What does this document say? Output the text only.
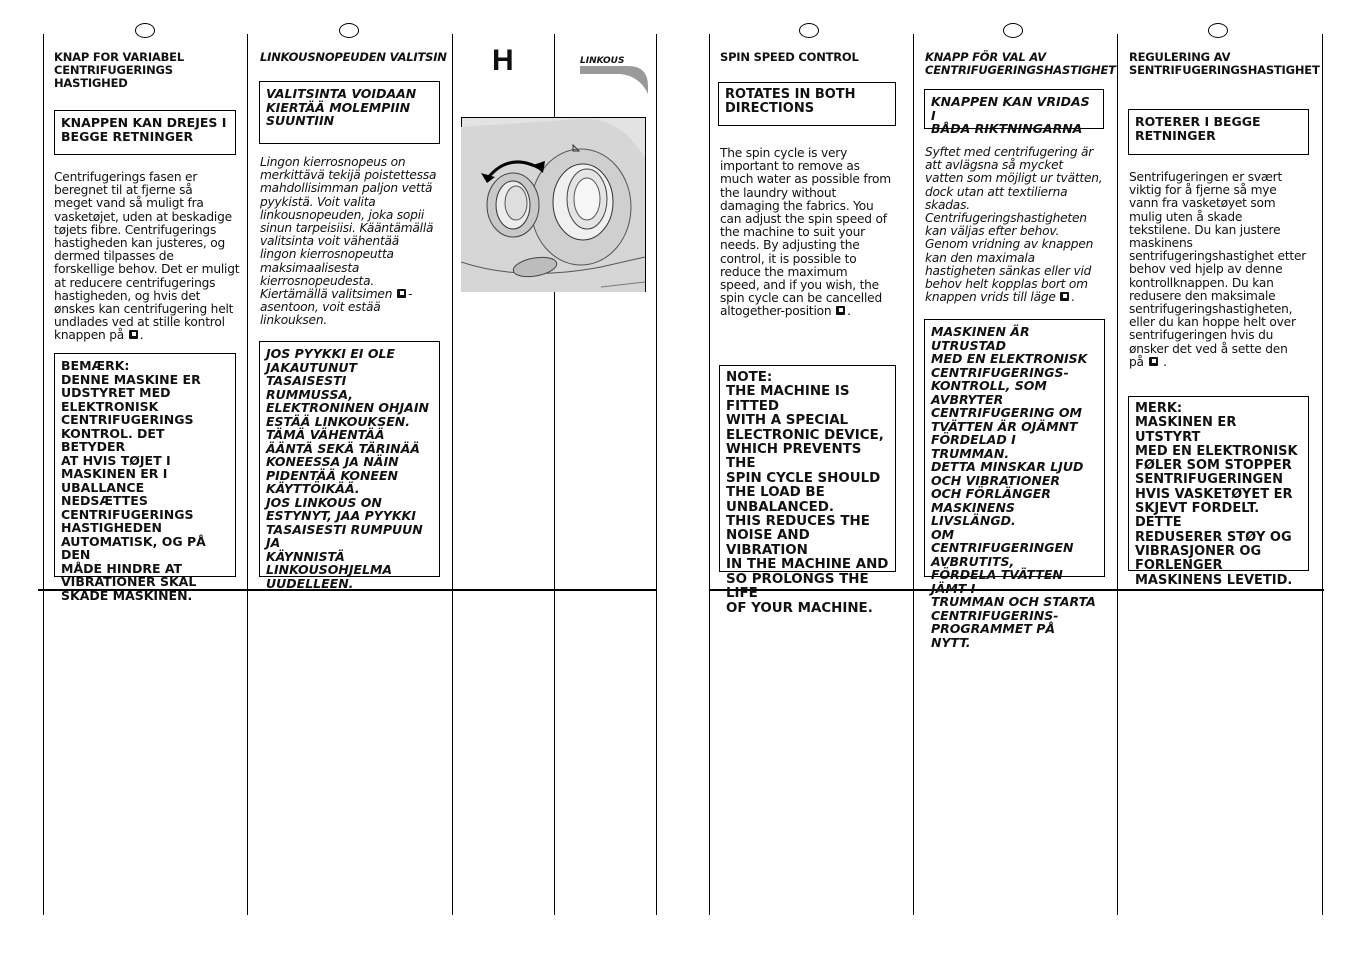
KNAP FOR VARIABEL
CENTRIFUGERINGS
HASTIGHED
KNAPPEN KAN DREJES I BEGGE RETNINGER
Centrifugerings fasen er
beregnet til at fjerne så
meget vand så muligt fra
vasketøjet, uden at beskadige
tøjets fibre. Centrifugerings
hastigheden kan justeres, og
dermed tilpasses de
forskellige behov. Det er muligt
at reducere centrifugerings
hastigheden, og hvis det
ønskes kan centrifugering helt
undlades ved at stille kontrol
knappen på .
BEMÆRK:
DENNE MASKINE ER
UDSTYRET MED
ELEKTRONISK
CENTRIFUGERINGS
KONTROL. DET BETYDER
AT HVIS TØJET I
MASKINEN ER I
UBALLANCE NEDSÆTTES
CENTRIFUGERINGS
HASTIGHEDEN
AUTOMATISK, OG PÅ DEN
MÅDE HINDRE AT
VIBRATIONER SKAL
SKADE MASKINEN.
LINKOUSNOPEUDEN VALITSIN
VALITSINTA VOIDAAN
KIERTÄÄ MOLEMPIIN
SUUNTIIN
Lingon kierrosnopeus on
merkittävä tekijä poistettessa
mahdollisimman paljon vettä
pyykistä. Voit valita
linkousnopeuden, joka sopii
sinun tarpeisiisi. Kääntämällä
valitsinta voit vähentää
lingon kierrosnopeutta
maksimaalisesta
kierrosnopeudesta.
Kiertämällä valitsimen -
asentoon, voit estää
linkouksen.
JOS PYYKKI EI OLE
JAKAUTUNUT TASAISESTI
RUMMUSSA,
ELEKTRONINEN OHJAIN
ESTÄÄ LINKOUKSEN.
TÄMÄ VÄHENTÄÄ
ÄÄNTÄ SEKÄ TÄRINÄÄ
KONEESSA JA NÄIN
PIDENTÄÄ KONEEN
KÄYTTÖIKÄÄ.
JOS LINKOUS ON
ESTYNYT, JAA PYYKKI
TASAISESTI RUMPUUN JA
KÄYNNISTÄ
LINKOUSOHJELMA
UUDELLEEN.
H	LINKOUS	SPIN SPEED CONTROL
ROTATES IN BOTH
DIRECTIONS
The spin cycle is very
important to remove as
much water as possible from
the laundry without
damaging the fabrics. You
can adjust the spin speed of
the machine to suit your
needs. By adjusting the
control, it is possible to
reduce the maximum
speed, and if you wish, the
spin cycle can be cancelled
altogether-position .
NOTE:
THE MACHINE IS FITTED
WITH A SPECIAL
ELECTRONIC DEVICE,
WHICH PREVENTS THE
SPIN CYCLE SHOULD
THE LOAD BE
UNBALANCED.
THIS REDUCES THE
NOISE AND VIBRATION
IN THE MACHINE AND
SO PROLONGS THE LIFE
OF YOUR MACHINE.
KNAPP FÖR VAL AV
CENTRIFUGERINGSHASTIGHET
KNAPPEN KAN VRIDAS I
BÅDA RIKTNINGARNA
Syftet med centrifugering är
att avlägsna så mycket
vatten som möjligt ur tvätten,
dock utan att textilierna
skadas.
Centrifugeringshastigheten
kan väljas efter behov.
Genom vridning av knappen
kan den maximala
hastigheten sänkas eller vid
behov helt kopplas bort om
knappen vrids till läge .
MASKINEN ÄR UTRUSTAD
MED EN ELEKTRONISK
CENTRIFUGERINGS-
KONTROLL, SOM
AVBRYTER
CENTRIFUGERING OM
TVÄTTEN ÄR OJÄMNT
FÖRDELAD I TRUMMAN.
DETTA MINSKAR LJUD
OCH VIBRATIONER
OCH FÖRLÄNGER
MASKINENS LIVSLÄNGD.
OM CENTRIFUGERINGEN
AVBRUTITS,
FÖRDELA TVÄTTEN JÄMT I
TRUMMAN OCH STARTA
CENTRIFUGERINS-
PROGRAMMET PÅ NYTT.
REGULERING AV
SENTRIFUGERINGSHASTIGHET
ROTERER I BEGGE
RETNINGER
Sentrifugeringen er svært
viktig for å fjerne så mye
vann fra vasketøyet som
mulig uten å skade
tekstilene. Du kan justere
maskinens
sentrifugeringshastighet etter
behov ved hjelp av denne
kontrollknappen. Du kan
redusere den maksimale
sentrifugeringshastigheten,
eller du kan hoppe helt over
sentrifugeringen hvis du
ønsker det ved å sette den
på  .
MERK:
MASKINEN ER UTSTYRT
MED EN ELEKTRONISK
FØLER SOM STOPPER
SENTRIFUGERINGEN
HVIS VASKETØYET ER
SKJEVT FORDELT. DETTE
REDUSERER STØY OG
VIBRASJONER OG
FORLENGER
MASKINENS LEVETID.
